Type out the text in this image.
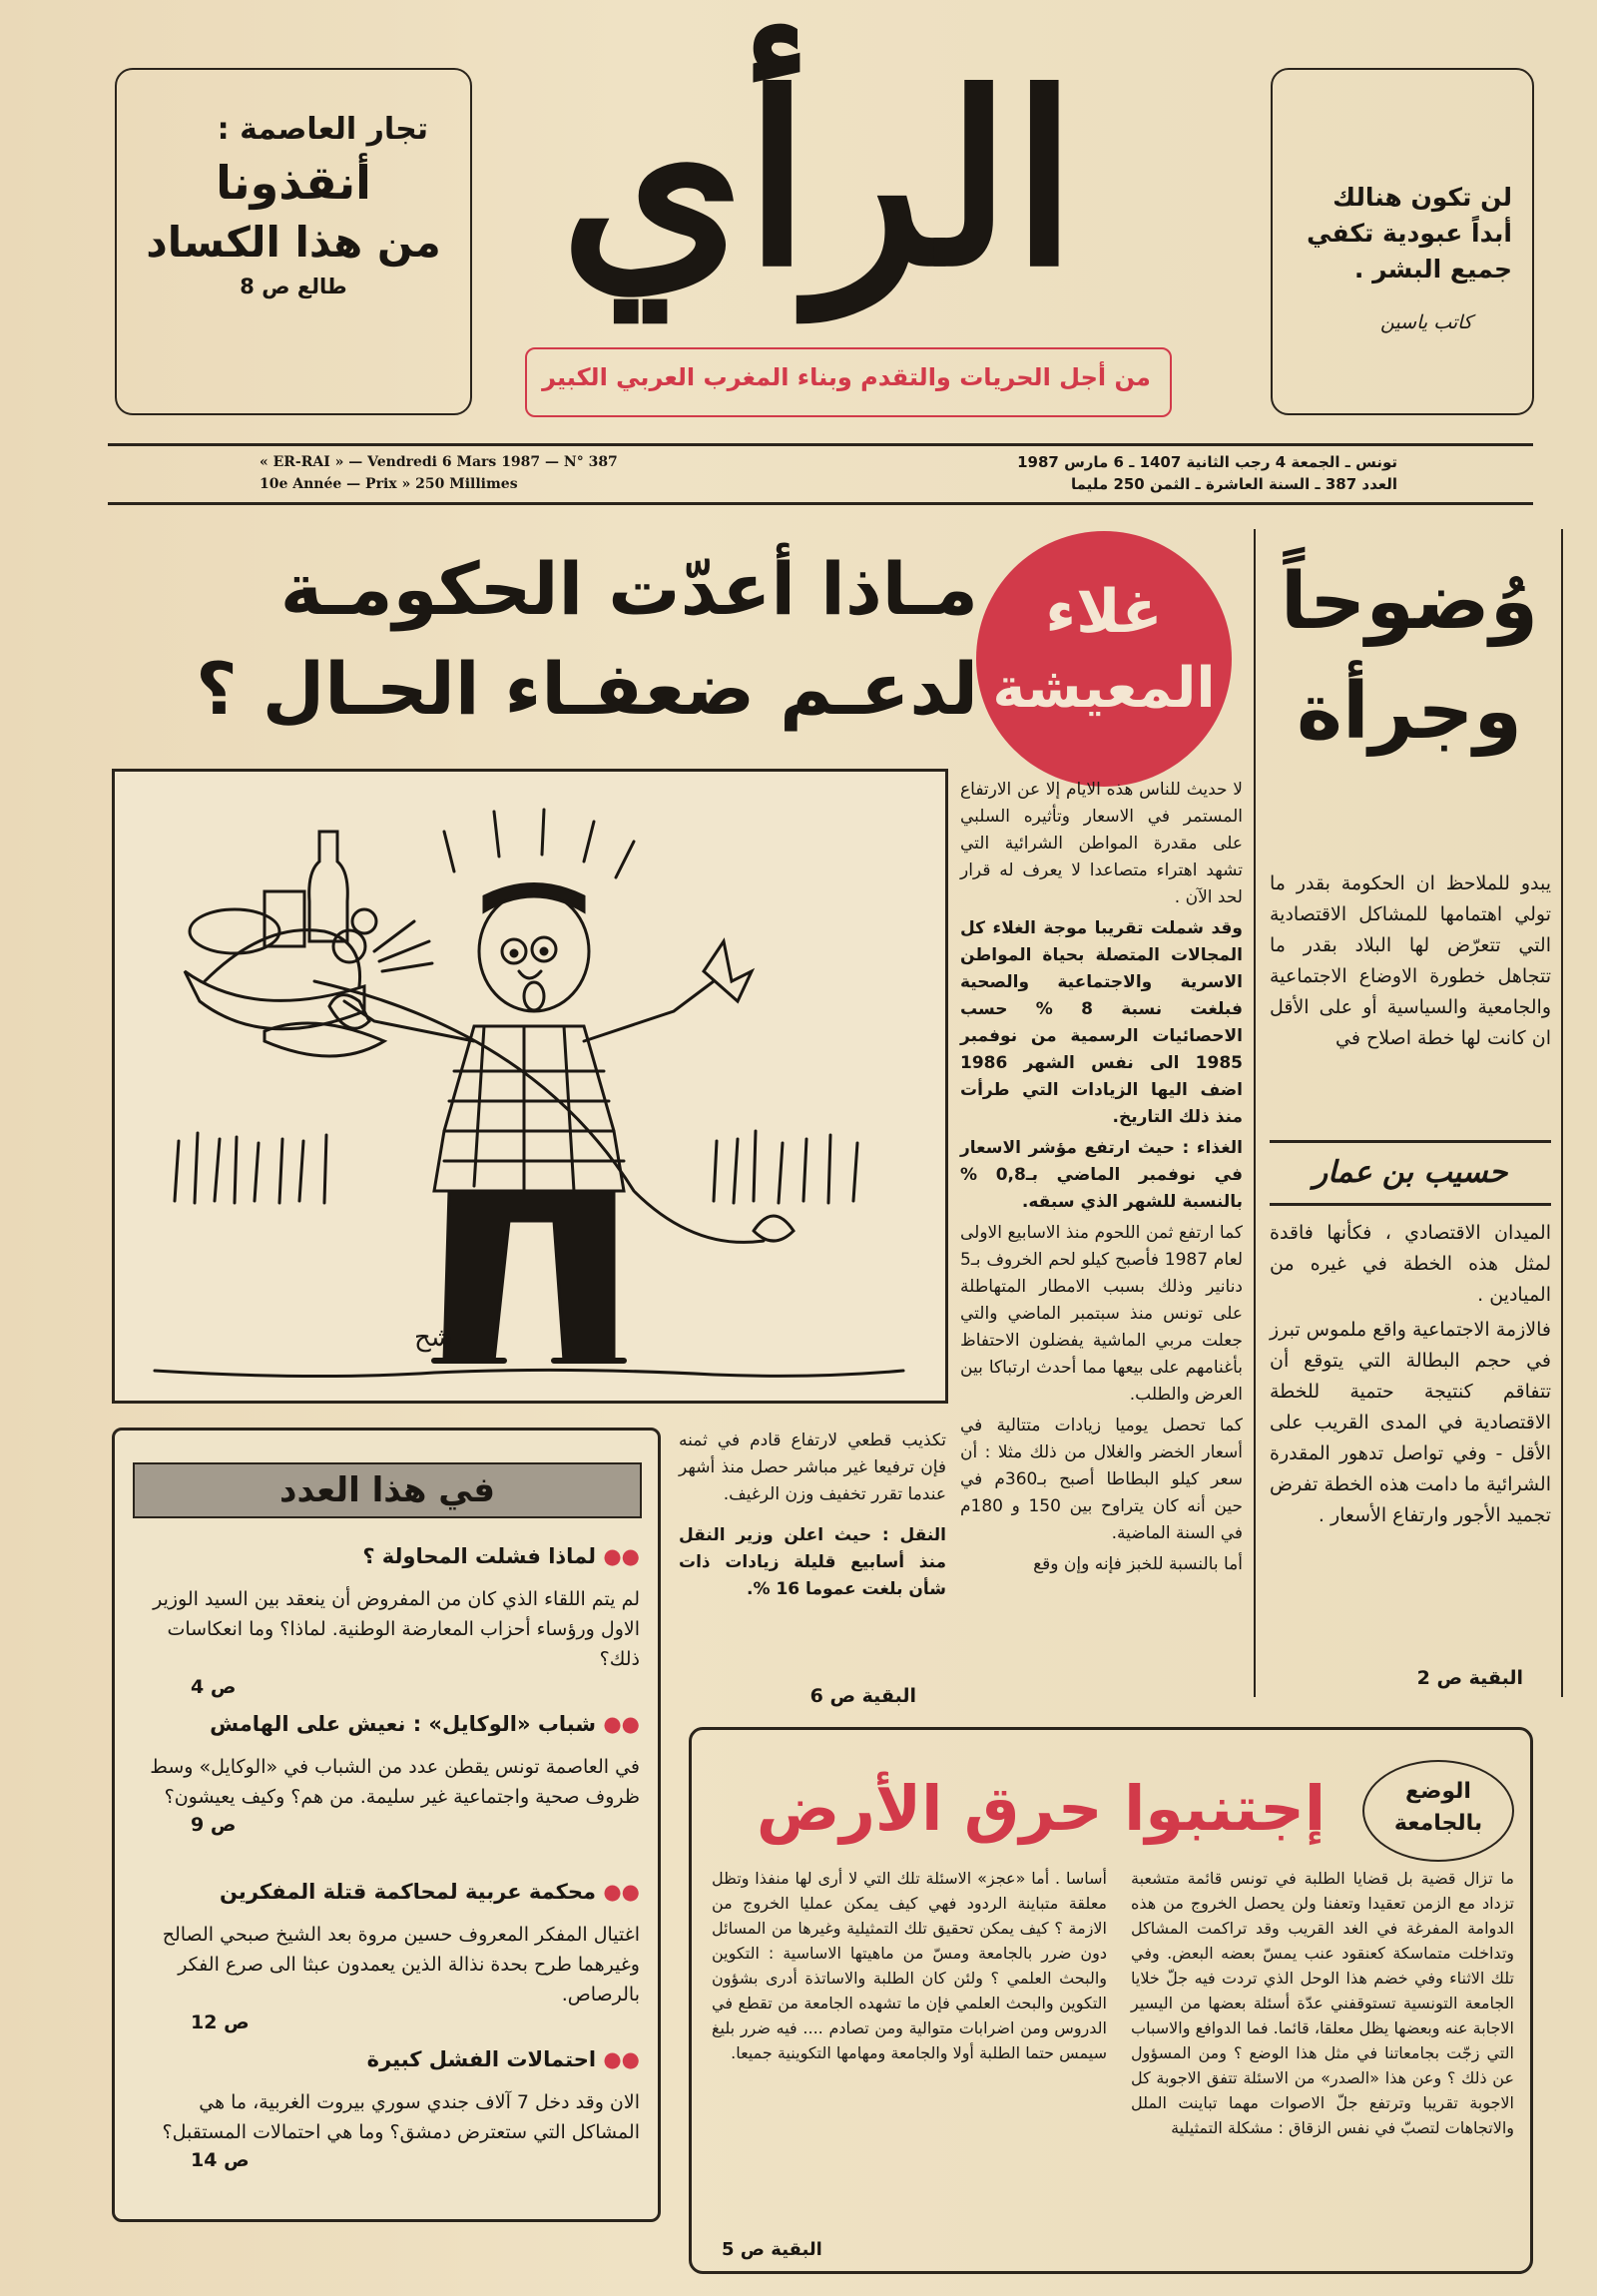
لن تكون هنالك
أبداً عبودية تكفي
جميع البشر .
كاتب ياسين
تجار العاصمة :
أنقذونا
من هذا الكساد
طالع ص 8 الرأي
من أجل الحريات والتقدم وبناء المغرب العربي الكبير
تونس ـ الجمعة 4 رجب الثانية 1407 ـ 6 مارس 1987
العدد 387 ـ السنة العاشرة ـ الثمن 250 مليما
« ER-RAI » — Vendredi 6 Mars 1987 — N° 387
10e Année — Prix » 250 Millimes
وُضوحاً
وجرأة

يبدو للملاحظ ان الحكومة بقدر ما تولي اهتمامها للمشاكل الاقتصادية التي تتعرّض لها البلاد بقدر ما تتجاهل خطورة الاوضاع الاجتماعية والجامعية والسياسية أو على الأقل ان كانت لها خطة اصلاح في

حسيب بن عمار

الميدان الاقتصادي ، فكأنها فاقدة لمثل هذه الخطة في غيره من الميادين .

فالازمة الاجتماعية واقع ملموس تبرز في حجم البطالة التي يتوقع أن تتفاقم كنتيجة حتمية للخطة الاقتصادية في المدى القريب على الأقل - وفي تواصل تدهور المقدرة الشرائية ما دامت هذه الخطة تفرض تجميد الأجور وارتفاع الأسعار .

البقية ص 2
مـاذا أعدّت الحكومـة
لدعـم ضعفـاء الحـال ؟
غلاء
المعيشة
شح

لا حديث للناس هذه الايام إلا عن الارتفاع المستمر في الاسعار وتأثيره السلبي على مقدرة المواطن الشرائية التي تشهد اهتراء متصاعدا لا يعرف له قرار لحد الآن .

وقد شملت تقريبا موجة الغلاء كل المجالات المتصلة بحياة المواطن الاسرية والاجتماعية والصحية فبلغت نسبة 8 % حسب الاحصائيات الرسمية من نوفمبر 1985 الى نفس الشهر 1986 اضف اليها الزيادات التي طرأت منذ ذلك التاريخ.

الغذاء : حيث ارتفع مؤشر الاسعار في نوفمبر الماضي بـ0,8 % بالنسبة للشهر الذي سبقه.

كما ارتفع ثمن اللحوم منذ الاسابيع الاولى لعام 1987 فأصبح كيلو لحم الخروف بـ5 دنانير وذلك بسبب الامطار المتهاطلة على تونس منذ سبتمبر الماضي والتي جعلت مربي الماشية يفضلون الاحتفاظ بأغنامهم على بيعها مما أحدث ارتباكا بين العرض والطلب.

كما تحصل يوميا زيادات متتالية في أسعار الخضر والغلال من ذلك مثلا : أن سعر كيلو البطاطا أصبح بـ360م في حين أنه كان يتراوح بين 150 و 180م في السنة الماضية.

أما بالنسبة للخبز فإنه وإن وقع

تكذيب قطعي لارتفاع قادم في ثمنه فإن ترفيعا غير مباشر حصل منذ أشهر عندما تقرر تخفيف وزن الرغيف.

النقل : حيث اعلن وزير النقل منذ أسابيع قليلة زيادات ذات شأن بلغت عموما 16 %.

البقية ص 6
في هذا العدد
●● لماذا فشلت المحاولة ؟
لم يتم اللقاء الذي كان من المفروض أن ينعقد بين السيد الوزير الاول ورؤساء أحزاب المعارضة الوطنية. لماذا؟ وما انعكاسات ذلك؟
ص 4
●● شباب «الوكايل» : نعيش على الهامش
في العاصمة تونس يقطن عدد من الشباب في «الوكايل» وسط ظروف صحية واجتماعية غير سليمة. من هم؟ وكيف يعيشون؟
ص 9
●● محكمة عربية لمحاكمة قتلة المفكرين
اغتيال المفكر المعروف حسين مروة بعد الشيخ صبحي الصالح وغيرهما طرح بحدة نذالة الذين يعمدون عبثا الى صرع الفكر بالرصاص.
ص 12
●● احتمالات الفشل كبيرة
الان وقد دخل 7 آلاف جندي سوري بيروت الغربية، ما هي المشاكل التي ستعترض دمشق؟ وما هي احتمالات المستقبل؟
ص 14
الوضع
بالجامعة
إجتنبوا حرق الأرض
ما تزال قضية بل قضايا الطلبة في تونس قائمة متشعبة تزداد مع الزمن تعقيدا وتعفنا ولن يحصل الخروج من هذه الدوامة المفرغة في الغد القريب وقد تراكمت المشاكل وتداخلت متماسكة كعنقود عنب يمسّ بعضه البعض. وفي تلك الاثناء وفي خضم هذا الوحل الذي تردت فيه جلّ خلايا الجامعة التونسية تستوقفني عدّة أسئلة بعضها من اليسير الاجابة عنه وبعضها يظل معلقا، قائما. فما الدوافع والاسباب التي زجّت بجامعاتنا في مثل هذا الوضع ؟ ومن المسؤول عن ذلك ؟ وعن هذا «الصدر» من الاسئلة تتفق الاجوبة كل الاجوبة تقريبا وترتفع جلّ الاصوات مهما تباينت الملل والاتجاهات لتصبّ في نفس الزقاق : مشكلة التمثيلية
أساسا . أما «عجز» الاسئلة تلك التي لا أرى لها منفذا وتظل معلقة متباينة الردود فهي كيف يمكن عمليا الخروج من الازمة ؟ كيف يمكن تحقيق تلك التمثيلية وغيرها من المسائل دون ضرر بالجامعة ومسّ من ماهيتها الاساسية : التكوين والبحث العلمي ؟ ولئن كان الطلبة والاساتذة أدرى بشؤون التكوين والبحث العلمي فإن ما تشهده الجامعة من تقطع في الدروس ومن اضرابات متوالية ومن تصادم .... فيه ضرر بليغ سيمس حتما الطلبة أولا والجامعة ومهامها التكوينية جميعا.
البقية ص 5
